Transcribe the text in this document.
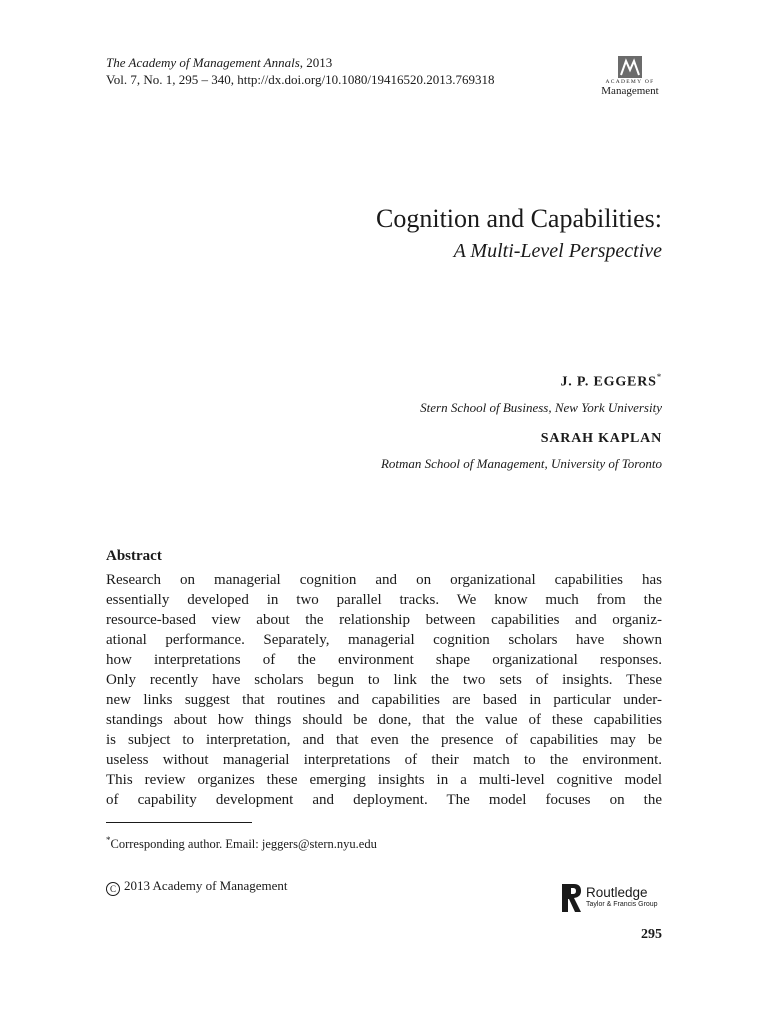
The Academy of Management Annals, 2013
Vol. 7, No. 1, 295 – 340, http://dx.doi.org/10.1080/19416520.2013.769318	ACADEMY OF
Management
Cognition and Capabilities:
A Multi-Level Perspective
J. P. EGGERS*
Stern School of Business, New York University
SARAH KAPLAN
Rotman School of Management, University of Toronto
Abstract

Research on managerial cognition and on organizational capabilities has
essentially developed in two parallel tracks. We know much from the
resource-based view about the relationship between capabilities and organiz-
ational performance. Separately, managerial cognition scholars have shown
how interpretations of the environment shape organizational responses.
Only recently have scholars begun to link the two sets of insights. These
new links suggest that routines and capabilities are based in particular under-
standings about how things should be done, that the value of these capabilities
is subject to interpretation, and that even the presence of capabilities may be
useless without managerial interpretations of their match to the environment.
This review organizes these emerging insights in a multi-level cognitive model
of capability development and deployment. The model focuses on the

*Corresponding author. Email: jeggers@stern.nyu.edu
C 2013 Academy of Management	Routledge
Taylor & Francis Group
295
